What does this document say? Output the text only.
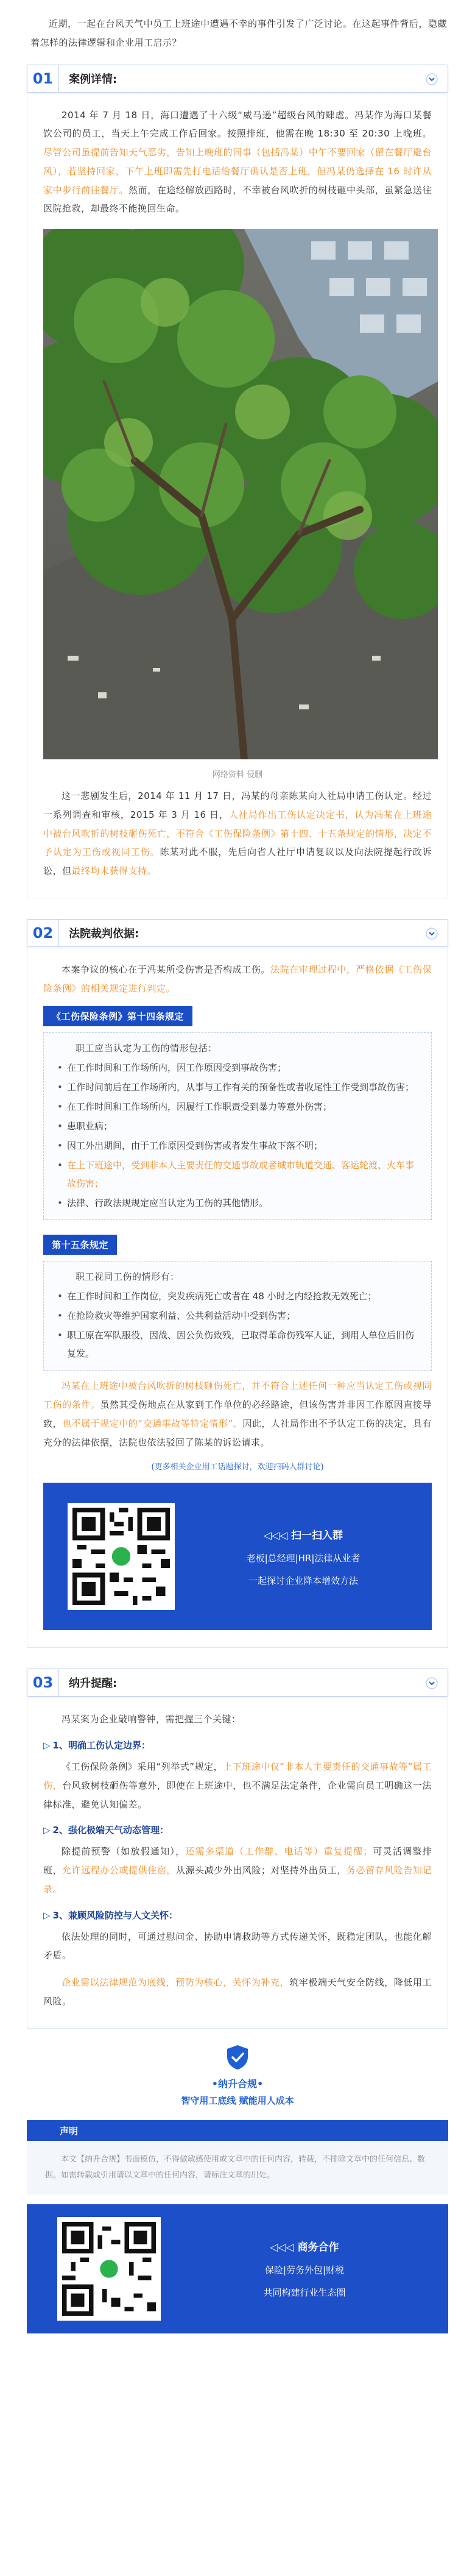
近期，一起在台风天气中员工上班途中遭遇不幸的事件引发了广泛讨论。在这起事件背后，隐藏着怎样的法律逻辑和企业用工启示？

01	案例详情:

2014 年 7 月 18 日，海口遭遇了十六级“威马逊”超级台风的肆虐。冯某作为海口某餐饮公司的员工，当天上午完成工作后回家。按照排班，他需在晚 18:30 至 20:30 上晚班。尽管公司虽提前告知天气恶劣，告知上晚班的同事（包括冯某）中午不要回家（留在餐厅避台风），若坚持回家，下午上班即需先打电话给餐厅确认是否上班，但冯某仍选择在 16 时许从家中步行前往餐厅。然而，在途经解放西路时，不幸被台风吹折的树枝砸中头部，虽紧急送往医院抢救，却最终不能挽回生命。

网络资料 侵删

这一悲剧发生后，2014 年 11 月 17 日，冯某的母亲陈某向人社局申请工伤认定。经过一系列调查和审核，2015 年 3 月 16 日，人社局作出工伤认定决定书，认为冯某在上班途中被台风吹折的树枝砸伤死亡，不符合《工伤保险条例》第十四、十五条规定的情形，决定不予认定为工伤或视同工伤。陈某对此不服，先后向省人社厅申请复议以及向法院提起行政诉讼，但最终均未获得支持。

02	法院裁判依据:

本案争议的核心在于冯某所受伤害是否构成工伤。法院在审理过程中，严格依据《工伤保险条例》的相关规定进行判定。

《工伤保险条例》第十四条规定

职工应当认定为工伤的情形包括：

• 在工作时间和工作场所内，因工作原因受到事故伤害；
• 工作时间前后在工作场所内，从事与工作有关的预备性或者收尾性工作受到事故伤害；
• 在工作时间和工作场所内，因履行工作职责受到暴力等意外伤害；
• 患职业病；
• 因工外出期间，由于工作原因受到伤害或者发生事故下落不明；
• 在上下班途中，受到非本人主要责任的交通事故或者城市轨道交通、客运轮渡、火车事故伤害；
• 法律、行政法规规定应当认定为工伤的其他情形。
第十五条规定

职工视同工伤的情形有：

• 在工作时间和工作岗位，突发疾病死亡或者在 48 小时之内经抢救无效死亡；
• 在抢险救灾等维护国家利益、公共利益活动中受到伤害；
• 职工原在军队服役，因战、因公负伤致残，已取得革命伤残军人证，到用人单位后旧伤复发。

冯某在上班途中被台风吹折的树枝砸伤死亡，并不符合上述任何一种应当认定工伤或视同工伤的条件。虽然其受伤地点在从家到工作单位的必经路途，但该伤害并非因工作原因直接导致，也不属于规定中的“交通事故等特定情形”。因此，人社局作出不予认定工伤的决定，具有充分的法律依据，法院也依法驳回了陈某的诉讼请求。

(更多相关企业用工话题探讨，欢迎扫码入群讨论)
◁◁◁ 扫一扫入群
老板|总经理|HR|法律从业者
一起探讨企业降本增效方法
03	纳升提醒:

冯某案为企业敲响警钟，需把握三个关键：

▷ 1、明确工伤认定边界：

《工伤保险条例》采用“列举式”规定，上下班途中仅“非本人主要责任的交通事故等”属工伤，台风致树枝砸伤等意外，即使在上班途中，也不满足法定条件，企业需向员工明确这一法律标准，避免认知偏差。

▷ 2、强化极端天气动态管理：

除提前预警（如放假通知），还需多渠道（工作群、电话等）重复提醒；可灵活调整排班，允许远程办公或提供住宿，从源头减少外出风险；对坚持外出员工，务必留存风险告知记录。

▷ 3、兼顾风险防控与人文关怀：

依法处理的同时，可通过慰问金、协助申请救助等方式传递关怀，既稳定团队，也能化解矛盾。

企业需以法律规范为底线，预防为核心，关怀为补充，筑牢极端天气安全防线，降低用工风险。

•纳升合规•
智守用工底线 赋能用人成本
声明
本文【纳升合规】书面模仿，不得做敏感使用或文章中的任何内容，转载，不排除文章中的任何信息、数据。如需转载或引用请以文章中的任何内容，请标注文章的出处。
◁◁◁ 商务合作
保险|劳务外包|财税
共同构建行业生态圈
